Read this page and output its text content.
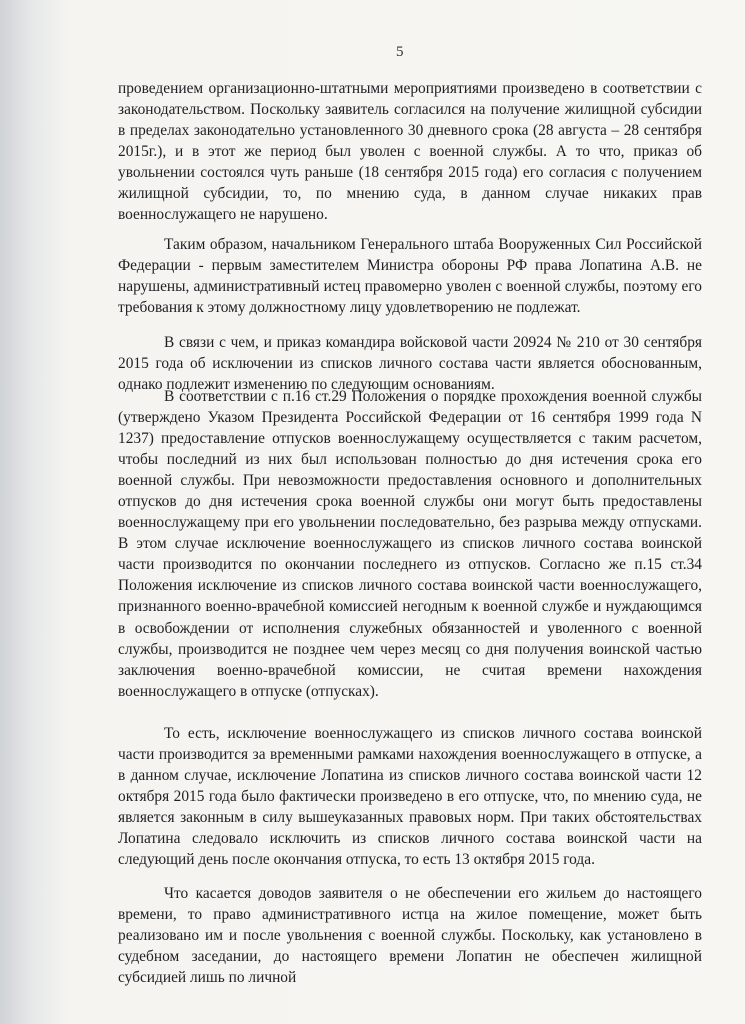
5

проведением организационно-штатными мероприятиями произведено в соответствии с законодательством. Поскольку заявитель согласился на получение жилищной субсидии в пределах законодательно установленного 30 дневного срока (28 августа – 28 сентября 2015г.), и в этот же период был уволен с военной службы. А то что, приказ об увольнении состоялся чуть раньше (18 сентября 2015 года) его согласия с получением жилищной субсидии, то, по мнению суда, в данном случае никаких прав военнослужащего не нарушено.

Таким образом, начальником Генерального штаба Вооруженных Сил Российской Федерации - первым заместителем Министра обороны РФ права Лопатина А.В. не нарушены, административный истец правомерно уволен с военной службы, поэтому его требования к этому должностному лицу удовлетворению не подлежат.

В связи с чем, и приказ командира войсковой части 20924 № 210 от 30 сентября 2015 года об исключении из списков личного состава части является обоснованным, однако подлежит изменению по следующим основаниям.

В соответствии с п.16 ст.29 Положения о порядке прохождения военной службы (утверждено Указом Президента Российской Федерации от 16 сентября 1999 года N 1237) предоставление отпусков военнослужащему осуществляется с таким расчетом, чтобы последний из них был использован полностью до дня истечения срока его военной службы. При невозможности предоставления основного и дополнительных отпусков до дня истечения срока военной службы они могут быть предоставлены военнослужащему при его увольнении последовательно, без разрыва между отпусками. В этом случае исключение военнослужащего из списков личного состава воинской части производится по окончании последнего из отпусков. Согласно же п.15 ст.34 Положения исключение из списков личного состава воинской части военнослужащего, признанного военно-врачебной комиссией негодным к военной службе и нуждающимся в освобождении от исполнения служебных обязанностей и уволенного с военной службы, производится не позднее чем через месяц со дня получения воинской частью заключения военно-врачебной комиссии, не считая времени нахождения военнослужащего в отпуске (отпусках).

То есть, исключение военнослужащего из списков личного состава воинской части производится за временными рамками нахождения военнослужащего в отпуске, а в данном случае, исключение Лопатина из списков личного состава воинской части 12 октября 2015 года было фактически произведено в его отпуске, что, по мнению суда, не является законным в силу вышеуказанных правовых норм. При таких обстоятельствах Лопатина следовало исключить из списков личного состава воинской части на следующий день после окончания отпуска, то есть 13 октября 2015 года.

Что касается доводов заявителя о не обеспечении его жильем до настоящего времени, то право административного истца на жилое помещение, может быть реализовано им и после увольнения с военной службы. Поскольку, как установлено в судебном заседании, до настоящего времени Лопатин не обеспечен жилищной субсидией лишь по личной
